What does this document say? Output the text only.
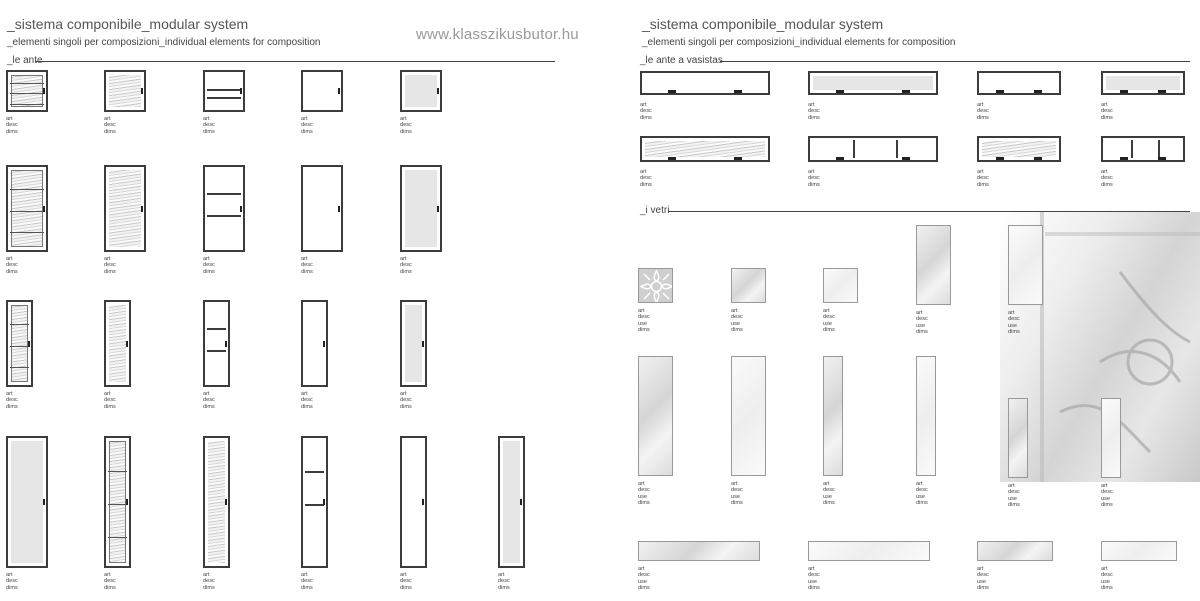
_sistema componibile_modular system
_elementi singoli per composizioni_individual elements for composition	www.klasszikusbutor.hu
_le ante
art
desc
dims
art
desc
dims
art
desc
dims
art
desc
dims
art
desc
dims
art
desc
dims
art
desc
dims
art
desc
dims
art
desc
dims
art
desc
dims
art
desc
dims
art
desc
dims
art
desc
dims
art
desc
dims
art
desc
dims
art
desc
dims
art
desc
dims
art
desc
dims
art
desc
dims
art
desc
dims
art
desc
dims
_sistema componibile_modular system
_elementi singoli per composizioni_individual elements for composition
_le ante a vasistas
_i vetri
art
desc
dims
art
desc
dims
art
desc
dims
art
desc
dims
art
desc
dims
art
desc
dims
art
desc
dims
art
desc
dims
art
desc
use
dims
art
desc
use
dims
art
desc
use
dims
art
desc
use
dims
art
desc
use
dims
art
desc
use
dims
art
desc
use
dims
art
desc
use
dims
art
desc
use
dims
art
desc
use
dims
art
desc
use
dims
art
desc
use
dims
art
desc
use
dims
art
desc
use
dims
art
desc
use
dims
